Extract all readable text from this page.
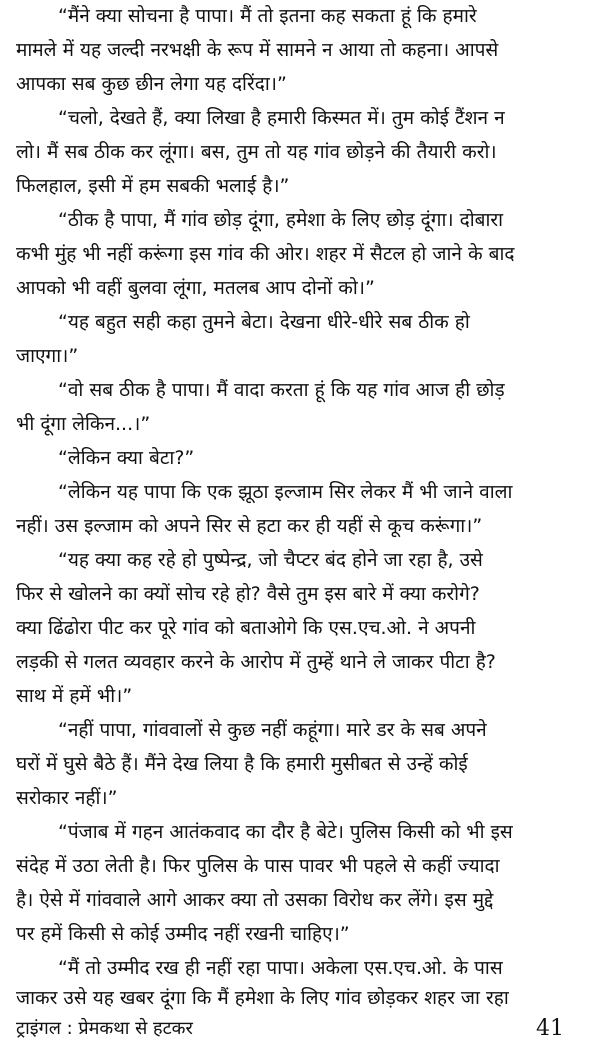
“मैंने क्या सोचना है पापा। मैं तो इतना कह सकता हूं कि हमारे
मामले में यह जल्दी नरभक्षी के रूप में सामने न आया तो कहना। आपसे
आपका सब कुछ छीन लेगा यह दरिंदा।”
“चलो, देखते हैं, क्या लिखा है हमारी किस्मत में। तुम कोई टैंशन न
लो। मैं सब ठीक कर लूंगा। बस, तुम तो यह गांव छोड़ने की तैयारी करो।
फिलहाल, इसी में हम सबकी भलाई है।”
“ठीक है पापा, मैं गांव छोड़ दूंगा, हमेशा के लिए छोड़ दूंगा। दोबारा
कभी मुंह भी नहीं करूंगा इस गांव की ओर। शहर में सैटल हो जाने के बाद
आपको भी वहीं बुलवा लूंगा, मतलब आप दोनों को।”
“यह बहुत सही कहा तुमने बेटा। देखना धीरे-धीरे सब ठीक हो
जाएगा।”
“वो सब ठीक है पापा। मैं वादा करता हूं कि यह गांव आज ही छोड़
भी दूंगा लेकिन...।”
“लेकिन क्या बेटा?”
“लेकिन यह पापा कि एक झूठा इल्जाम सिर लेकर मैं भी जाने वाला
नहीं। उस इल्जाम को अपने सिर से हटा कर ही यहीं से कूच करूंगा।”
“यह क्या कह रहे हो पुष्पेन्द्र, जो चैप्टर बंद होने जा रहा है, उसे
फिर से खोलने का क्यों सोच रहे हो? वैसे तुम इस बारे में क्या करोगे?
क्या ढिंढोरा पीट कर पूरे गांव को बताओगे कि एस.एच.ओ. ने अपनी
लड़की से गलत व्यवहार करने के आरोप में तुम्हें थाने ले जाकर पीटा है?
साथ में हमें भी।”
“नहीं पापा, गांववालों से कुछ नहीं कहूंगा। मारे डर के सब अपने
घरों में घुसे बैठे हैं। मैंने देख लिया है कि हमारी मुसीबत से उन्हें कोई
सरोकार नहीं।”
“पंजाब में गहन आतंकवाद का दौर है बेटे। पुलिस किसी को भी इस
संदेह में उठा लेती है। फिर पुलिस के पास पावर भी पहले से कहीं ज्यादा
है। ऐसे में गांववाले आगे आकर क्या तो उसका विरोध कर लेंगे। इस मुद्दे
पर हमें किसी से कोई उम्मीद नहीं रखनी चाहिए।”
“मैं तो उम्मीद रख ही नहीं रहा पापा। अकेला एस.एच.ओ. के पास
जाकर उसे यह खबर दूंगा कि मैं हमेशा के लिए गांव छोड़कर शहर जा रहा
ट्राइंगल : प्रेमकथा से हटकर	41
